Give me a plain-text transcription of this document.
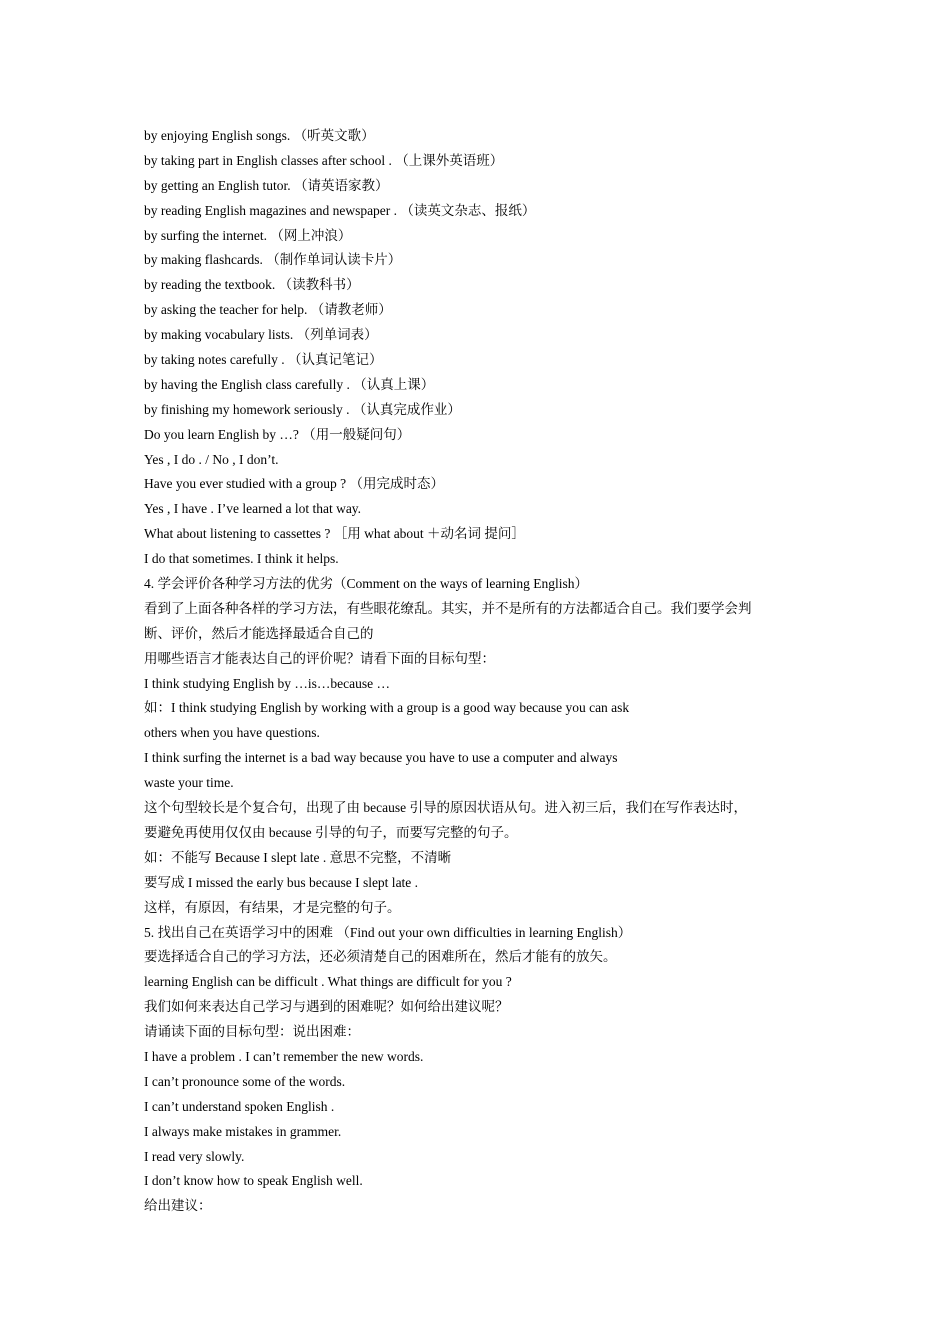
by enjoying English songs. （听英文歌）
by taking part in English classes after school . （上课外英语班）
by getting an English tutor. （请英语家教）
by reading English magazines and newspaper . （读英文杂志、报纸）
by surfing the internet. （网上冲浪）
by making flashcards. （制作单词认读卡片）
by reading the textbook. （读教科书）
by asking the teacher for help. （请教老师）
by making vocabulary lists. （列单词表）
by taking notes carefully . （认真记笔记）
by having the English class carefully . （认真上课）
by finishing my homework seriously . （认真完成作业）
Do you learn English by …? （用一般疑问句）
Yes , I do . / No , I don’t.
Have you ever studied with a group ? （用完成时态）
Yes , I have . I’ve learned a lot that way.
What about listening to cassettes ? ［用 what about ＋动名词 提问］
I do that sometimes. I think it helps.
4. 学会评价各种学习方法的优劣（Comment on the ways of learning English）
看到了上面各种各样的学习方法，有些眼花缭乱。其实，并不是所有的方法都适合自己。我们要学会判
断、评价，然后才能选择最适合自己的
用哪些语言才能表达自己的评价呢？请看下面的目标句型：
I think studying English by …is…because …
如：I think studying English by working with a group is a good way because you can ask
others when you have questions.
I think surfing the internet is a bad way because you have to use a computer and always
waste your time.
这个句型较长是个复合句，出现了由 because 引导的原因状语从句。进入初三后，我们在写作表达时，
要避免再使用仅仅由 because 引导的句子，而要写完整的句子。
如：不能写 Because I slept late . 意思不完整，不清晰
要写成 I missed the early bus because I slept late .
这样，有原因，有结果，才是完整的句子。
5. 找出自己在英语学习中的困难 （Find out your own difficulties in learning English）
要选择适合自己的学习方法，还必须清楚自己的困难所在，然后才能有的放矢。
learning English can be difficult . What things are difficult for you ?
我们如何来表达自己学习与遇到的困难呢？如何给出建议呢？
请诵读下面的目标句型：说出困难：
I have a problem . I can’t remember the new words.
I can’t pronounce some of the words.
I can’t understand spoken English .
I always make mistakes in grammer.
I read very slowly.
I don’t know how to speak English well.
给出建议：
